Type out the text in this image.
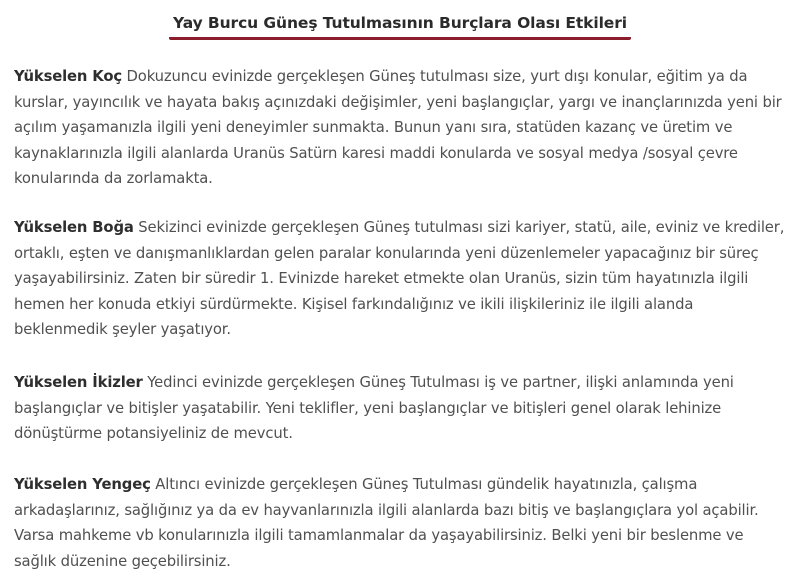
Yay Burcu Güneş Tutulmasının Burçlara Olası Etkileri

Yükselen Koç Dokuzuncu evinizde gerçekleşen Güneş tutulması size, yurt dışı konular, eğitim ya da kurslar, yayıncılık ve hayata bakış açınızdaki değişimler, yeni başlangıçlar, yargı ve inançlarınızda yeni bir açılım yaşamanızla ilgili yeni deneyimler sunmakta. Bunun yanı sıra, statüden kazanç ve üretim ve kaynaklarınızla ilgili alanlarda Uranüs Satürn karesi maddi konularda ve sosyal medya /sosyal çevre konularında da zorlamakta.

Yükselen Boğa Sekizinci evinizde gerçekleşen Güneş tutulması sizi kariyer, statü, aile, eviniz ve krediler, ortaklı, eşten ve danışmanlıklardan gelen paralar konularında yeni düzenlemeler yapacağınız bir süreç yaşayabilirsiniz. Zaten bir süredir 1. Evinizde hareket etmekte olan Uranüs, sizin tüm hayatınızla ilgili hemen her konuda etkiyi sürdürmekte. Kişisel farkındalığınız ve ikili ilişkileriniz ile ilgili alanda beklenmedik şeyler yaşatıyor.

Yükselen İkizler Yedinci evinizde gerçekleşen Güneş Tutulması iş ve partner, ilişki anlamında yeni başlangıçlar ve bitişler yaşatabilir. Yeni teklifler, yeni başlangıçlar ve bitişleri genel olarak lehinize dönüştürme potansiyeliniz de mevcut.

Yükselen Yengeç Altıncı evinizde gerçekleşen Güneş Tutulması gündelik hayatınızla, çalışma arkadaşlarınız, sağlığınız ya da ev hayvanlarınızla ilgili alanlarda bazı bitiş ve başlangıçlara yol açabilir. Varsa mahkeme vb konularınızla ilgili tamamlanmalar da yaşayabilirsiniz. Belki yeni bir beslenme ve sağlık düzenine geçebilirsiniz.
